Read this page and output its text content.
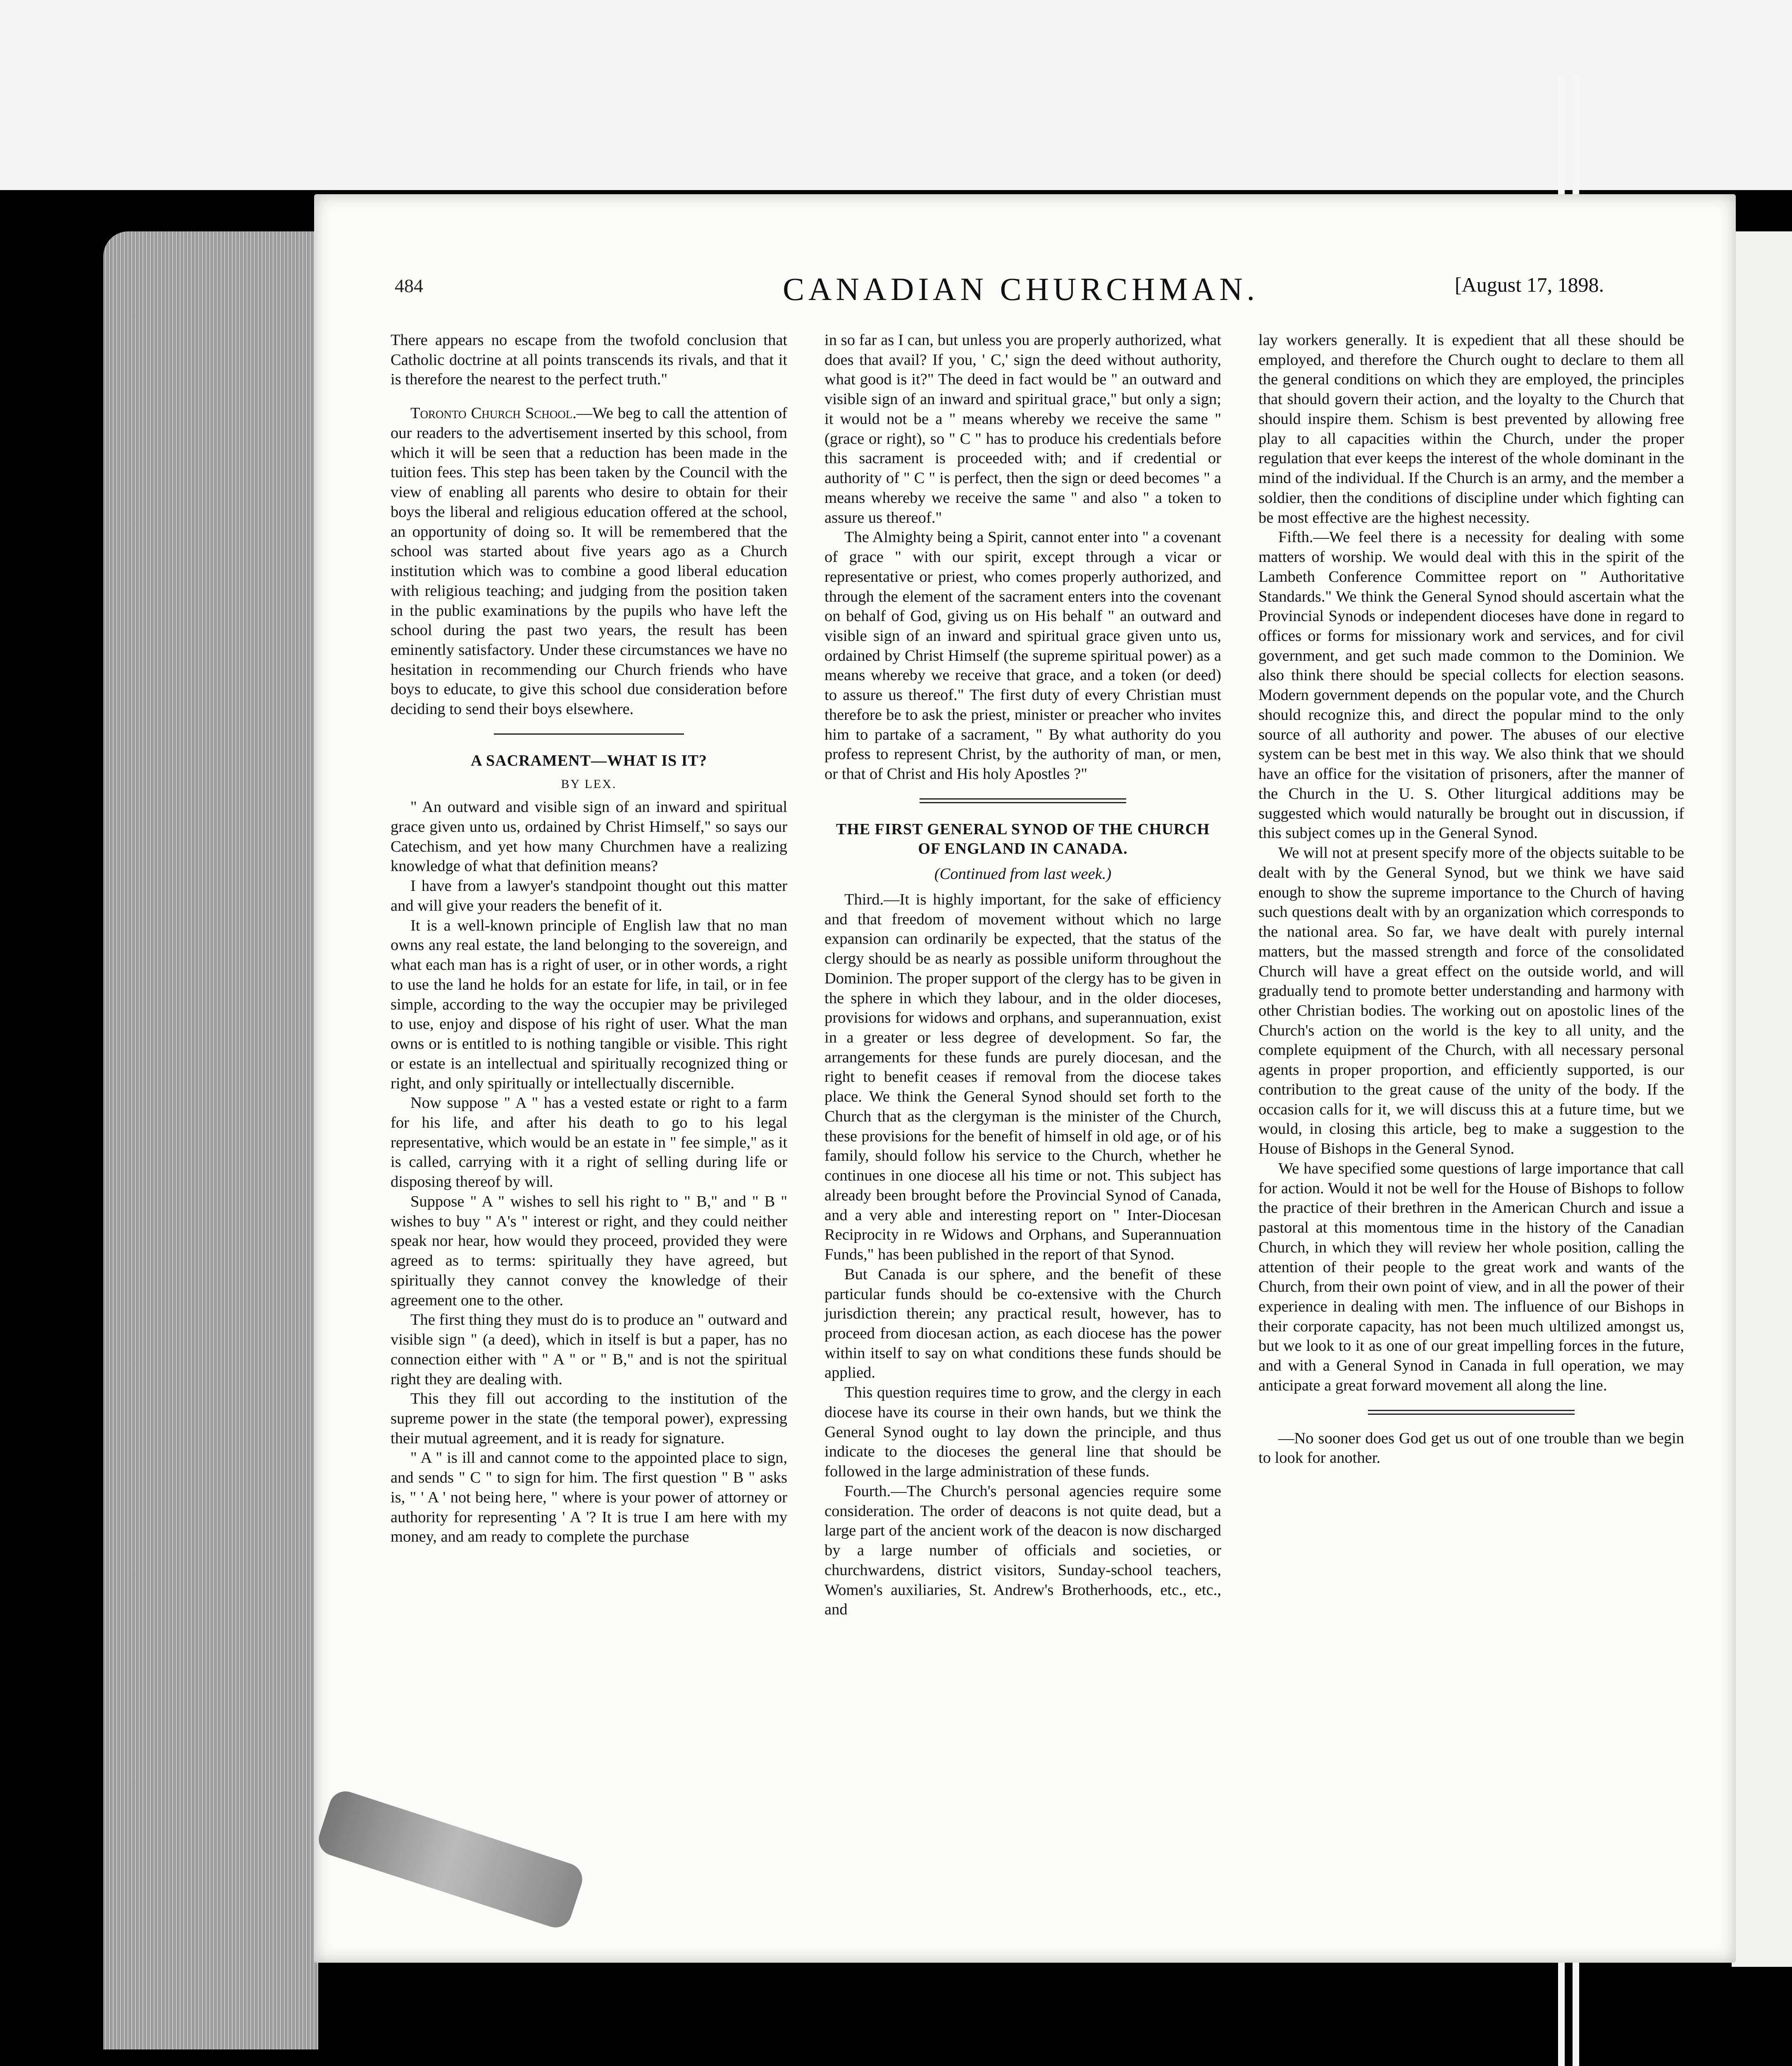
484	CANADIAN CHURCHMAN.	[August 17, 1898.

There appears no escape from the twofold conclusion that Catholic doctrine at all points transcends its rivals, and that it is therefore the nearest to the perfect truth."

Toronto Church School.—We beg to call the attention of our readers to the advertisement inserted by this school, from which it will be seen that a reduction has been made in the tuition fees. This step has been taken by the Council with the view of enabling all parents who desire to obtain for their boys the liberal and religious education offered at the school, an opportunity of doing so. It will be remembered that the school was started about five years ago as a Church institution which was to combine a good liberal education with religious teaching; and judging from the position taken in the public examinations by the pupils who have left the school during the past two years, the result has been eminently satisfactory. Under these circumstances we have no hesitation in recommending our Church friends who have boys to educate, to give this school due consideration before deciding to send their boys elsewhere.

A SACRAMENT—WHAT IS IT?
BY LEX.

" An outward and visible sign of an inward and spiritual grace given unto us, ordained by Christ Himself," so says our Catechism, and yet how many Churchmen have a realizing knowledge of what that definition means?

I have from a lawyer's standpoint thought out this matter and will give your readers the benefit of it.

It is a well-known principle of English law that no man owns any real estate, the land belonging to the sovereign, and what each man has is a right of user, or in other words, a right to use the land he holds for an estate for life, in tail, or in fee simple, according to the way the occupier may be privileged to use, enjoy and dispose of his right of user. What the man owns or is entitled to is nothing tangible or visible. This right or estate is an intellectual and spiritually recognized thing or right, and only spiritually or intellectually discernible.

Now suppose " A " has a vested estate or right to a farm for his life, and after his death to go to his legal representative, which would be an estate in " fee simple," as it is called, carrying with it a right of selling during life or disposing thereof by will.

Suppose " A " wishes to sell his right to " B," and " B " wishes to buy " A's " interest or right, and they could neither speak nor hear, how would they proceed, provided they were agreed as to terms: spiritually they have agreed, but spiritually they cannot convey the knowledge of their agreement one to the other.

The first thing they must do is to produce an " outward and visible sign " (a deed), which in itself is but a paper, has no connection either with " A " or " B," and is not the spiritual right they are dealing with.

This they fill out according to the institution of the supreme power in the state (the temporal power), expressing their mutual agreement, and it is ready for signature.

" A " is ill and cannot come to the appointed place to sign, and sends " C " to sign for him. The first question " B " asks is, " ' A ' not being here, " where is your power of attorney or authority for representing ' A '? It is true I am here with my money, and am ready to complete the purchase

in so far as I can, but unless you are properly authorized, what does that avail? If you, ' C,' sign the deed without authority, what good is it?" The deed in fact would be " an outward and visible sign of an inward and spiritual grace," but only a sign; it would not be a " means whereby we receive the same " (grace or right), so " C " has to produce his credentials before this sacrament is proceeded with; and if credential or authority of " C " is perfect, then the sign or deed becomes " a means whereby we receive the same " and also " a token to assure us thereof."

The Almighty being a Spirit, cannot enter into " a covenant of grace " with our spirit, except through a vicar or representative or priest, who comes properly authorized, and through the element of the sacrament enters into the covenant on behalf of God, giving us on His behalf " an outward and visible sign of an inward and spiritual grace given unto us, ordained by Christ Himself (the supreme spiritual power) as a means whereby we receive that grace, and a token (or deed) to assure us thereof." The first duty of every Christian must therefore be to ask the priest, minister or preacher who invites him to partake of a sacrament, " By what authority do you profess to represent Christ, by the authority of man, or men, or that of Christ and His holy Apostles ?"

THE FIRST GENERAL SYNOD OF THE CHURCH OF ENGLAND IN CANADA.
(Continued from last week.)

Third.—It is highly important, for the sake of efficiency and that freedom of movement without which no large expansion can ordinarily be expected, that the status of the clergy should be as nearly as possible uniform throughout the Dominion. The proper support of the clergy has to be given in the sphere in which they labour, and in the older dioceses, provisions for widows and orphans, and superannuation, exist in a greater or less degree of development. So far, the arrangements for these funds are purely diocesan, and the right to benefit ceases if removal from the diocese takes place. We think the General Synod should set forth to the Church that as the clergyman is the minister of the Church, these provisions for the benefit of himself in old age, or of his family, should follow his service to the Church, whether he continues in one diocese all his time or not. This subject has already been brought before the Provincial Synod of Canada, and a very able and interesting report on " Inter-Diocesan Reciprocity in re Widows and Orphans, and Superannuation Funds," has been published in the report of that Synod.

But Canada is our sphere, and the benefit of these particular funds should be co-extensive with the Church jurisdiction therein; any practical result, however, has to proceed from diocesan action, as each diocese has the power within itself to say on what conditions these funds should be applied.

This question requires time to grow, and the clergy in each diocese have its course in their own hands, but we think the General Synod ought to lay down the principle, and thus indicate to the dioceses the general line that should be followed in the large administration of these funds.

Fourth.—The Church's personal agencies require some consideration. The order of deacons is not quite dead, but a large part of the ancient work of the deacon is now discharged by a large number of officials and societies, or churchwardens, district visitors, Sunday-school teachers, Women's auxiliaries, St. Andrew's Brotherhoods, etc., etc., and

lay workers generally. It is expedient that all these should be employed, and therefore the Church ought to declare to them all the general conditions on which they are employed, the principles that should govern their action, and the loyalty to the Church that should inspire them. Schism is best prevented by allowing free play to all capacities within the Church, under the proper regulation that ever keeps the interest of the whole dominant in the mind of the individual. If the Church is an army, and the member a soldier, then the conditions of discipline under which fighting can be most effective are the highest necessity.

Fifth.—We feel there is a necessity for dealing with some matters of worship. We would deal with this in the spirit of the Lambeth Conference Committee report on " Authoritative Standards." We think the General Synod should ascertain what the Provincial Synods or independent dioceses have done in regard to offices or forms for missionary work and services, and for civil government, and get such made common to the Dominion. We also think there should be special collects for election seasons. Modern government depends on the popular vote, and the Church should recognize this, and direct the popular mind to the only source of all authority and power. The abuses of our elective system can be best met in this way. We also think that we should have an office for the visitation of prisoners, after the manner of the Church in the U. S. Other liturgical additions may be suggested which would naturally be brought out in discussion, if this subject comes up in the General Synod.

We will not at present specify more of the objects suitable to be dealt with by the General Synod, but we think we have said enough to show the supreme importance to the Church of having such questions dealt with by an organization which corresponds to the national area. So far, we have dealt with purely internal matters, but the massed strength and force of the consolidated Church will have a great effect on the outside world, and will gradually tend to promote better understanding and harmony with other Christian bodies. The working out on apostolic lines of the Church's action on the world is the key to all unity, and the complete equipment of the Church, with all necessary personal agents in proper proportion, and efficiently supported, is our contribution to the great cause of the unity of the body. If the occasion calls for it, we will discuss this at a future time, but we would, in closing this article, beg to make a suggestion to the House of Bishops in the General Synod.

We have specified some questions of large importance that call for action. Would it not be well for the House of Bishops to follow the practice of their brethren in the American Church and issue a pastoral at this momentous time in the history of the Canadian Church, in which they will review her whole position, calling the attention of their people to the great work and wants of the Church, from their own point of view, and in all the power of their experience in dealing with men. The influence of our Bishops in their corporate capacity, has not been much ultilized amongst us, but we look to it as one of our great impelling forces in the future, and with a General Synod in Canada in full operation, we may anticipate a great forward movement all along the line.

—No sooner does God get us out of one trouble than we begin to look for another.
